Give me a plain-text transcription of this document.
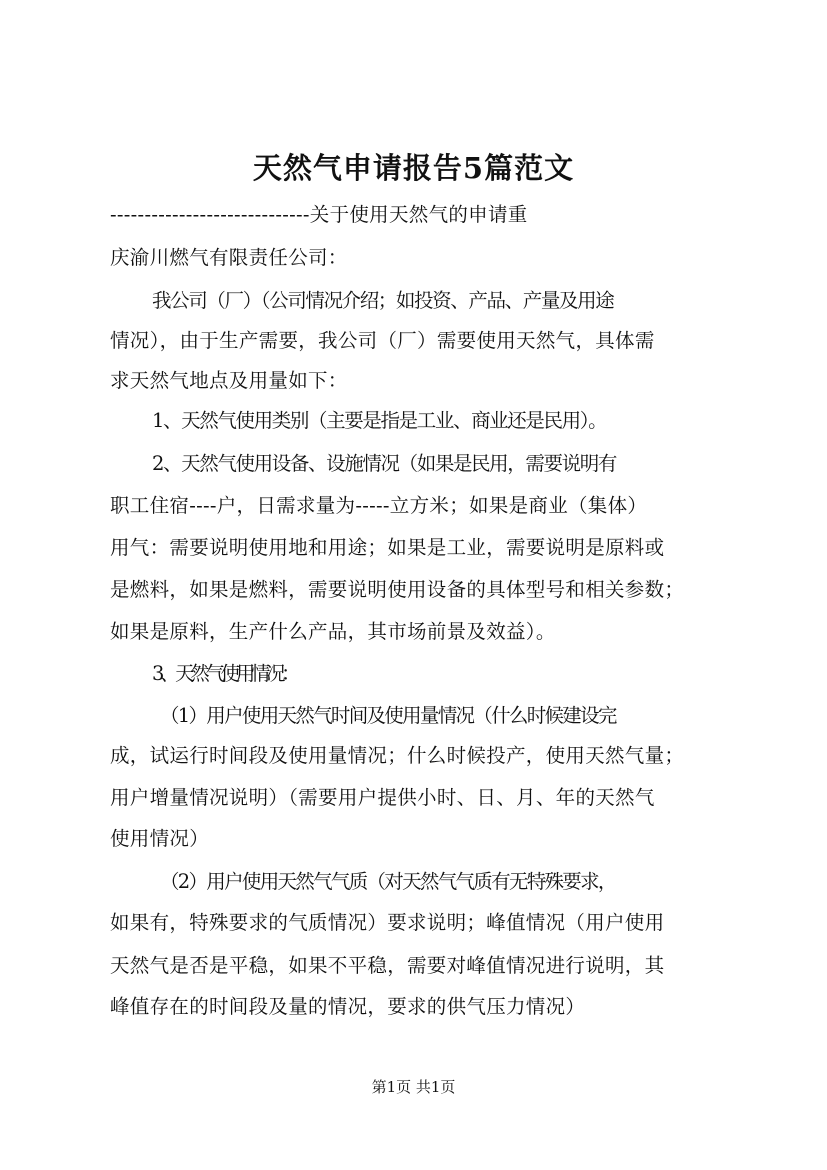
天然气申请报告5篇范文
-----------------------------关于使用天然气的申请重
庆渝川燃气有限责任公司：
我公司（厂）（公司情况介绍；如投资、产品、产量及用途
情况），由于生产需要，我公司（厂）需要使用天然气，具体需
求天然气地点及用量如下：
1、天然气使用类别（主要是指是工业、商业还是民用）。
2、天然气使用设备、设施情况（如果是民用，需要说明有
职工住宿----户，日需求量为-----立方米；如果是商业（集体）
用气：需要说明使用地和用途；如果是工业，需要说明是原料或
是燃料，如果是燃料，需要说明使用设备的具体型号和相关参数；
如果是原料，生产什么产品，其市场前景及效益）。
3、天然气使用情况：
（1）用户使用天然气时间及使用量情况（什么时候建设完
成，试运行时间段及使用量情况；什么时候投产，使用天然气量；
用户增量情况说明）（需要用户提供小时、日、月、年的天然气
使用情况）
（2）用户使用天然气气质（对天然气气质有无特殊要求，
如果有，特殊要求的气质情况）要求说明；峰值情况（用户使用
天然气是否是平稳，如果不平稳，需要对峰值情况进行说明，其
峰值存在的时间段及量的情况，要求的供气压力情况）
第1页 共1页
